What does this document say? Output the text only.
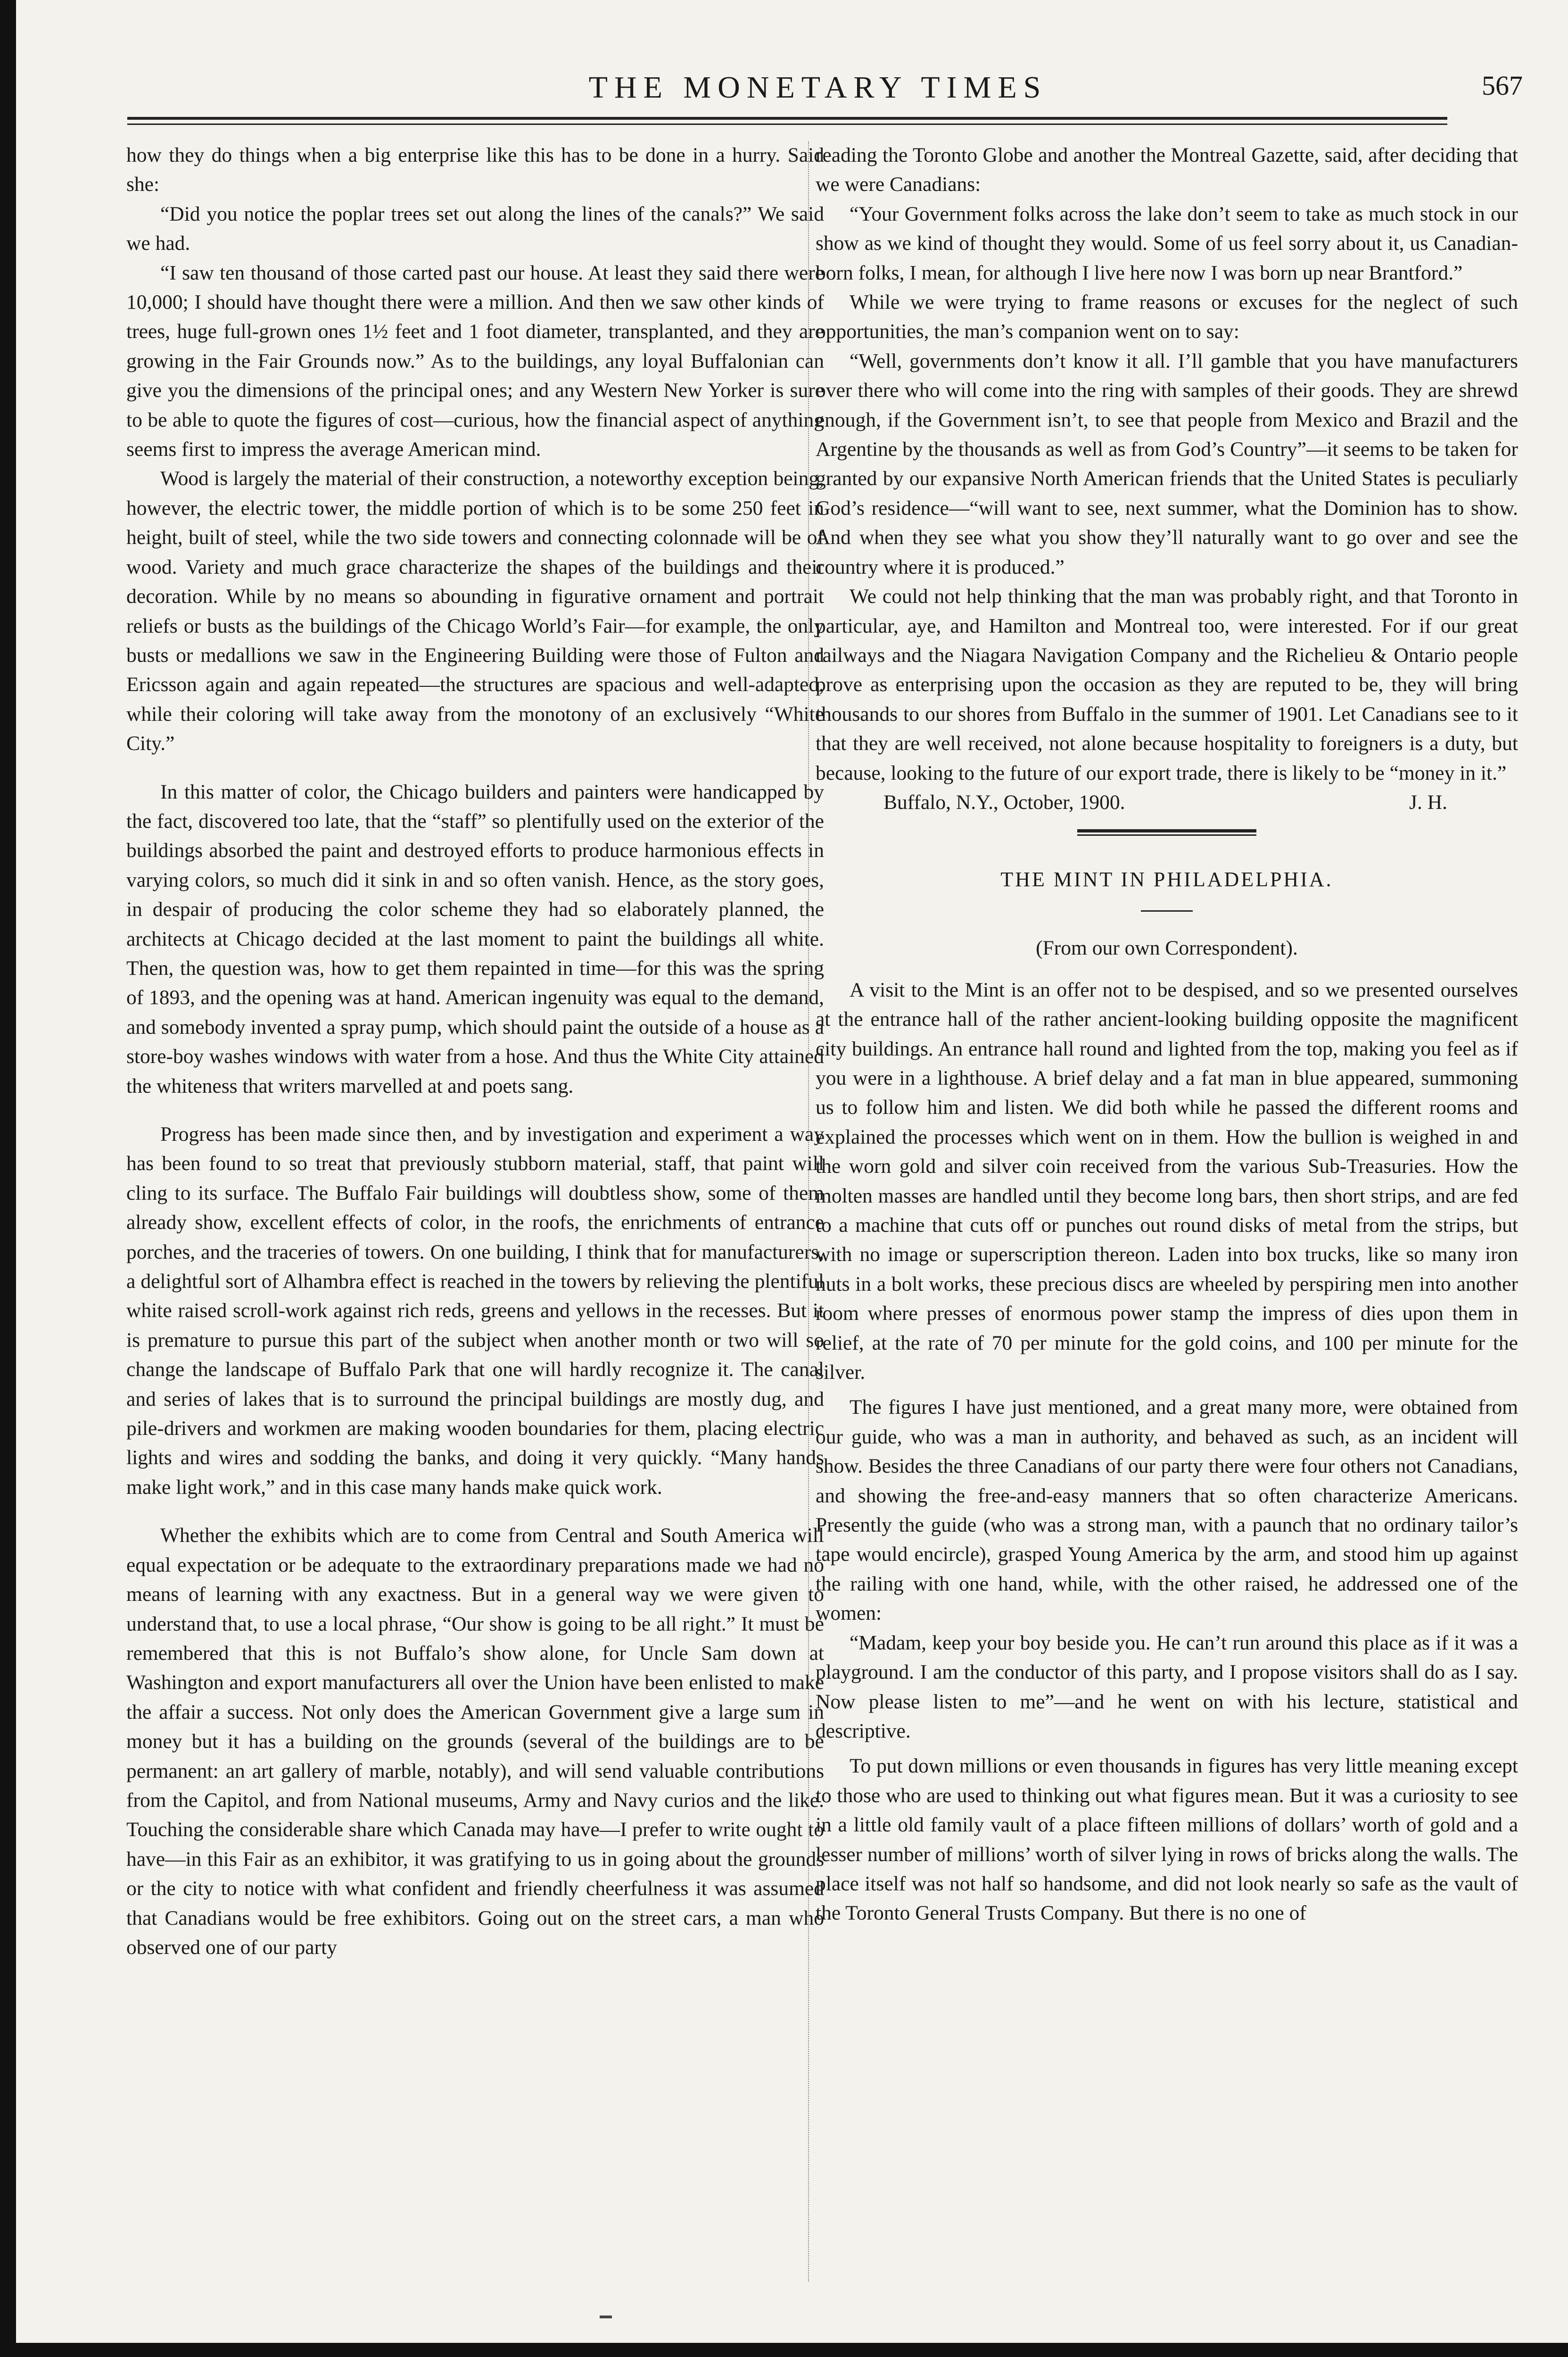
THE MONETARY TIMES	567

how they do things when a big enterprise like this has to be done in a hurry. Said she:

“Did you notice the poplar trees set out along the lines of the canals?” We said we had.

“I saw ten thousand of those carted past our house. At least they said there were 10,000; I should have thought there were a million. And then we saw other kinds of trees, huge full-grown ones 1½ feet and 1 foot diameter, transplanted, and they are growing in the Fair Grounds now.” As to the buildings, any loyal Buffalonian can give you the dimensions of the principal ones; and any Western New Yorker is sure to be able to quote the figures of cost—curious, how the financial aspect of anything seems first to impress the average American mind.

Wood is largely the material of their construction, a noteworthy exception being, however, the electric tower, the middle portion of which is to be some 250 feet in height, built of steel, while the two side towers and connecting colonnade will be of wood. Variety and much grace characterize the shapes of the buildings and their decoration. While by no means so abounding in figurative ornament and portrait reliefs or busts as the buildings of the Chicago World’s Fair—for example, the only busts or medallions we saw in the Engineering Building were those of Fulton and Ericsson again and again repeated—the structures are spacious and well-adapted, while their coloring will take away from the monotony of an exclusively “White City.”

In this matter of color, the Chicago builders and painters were handicapped by the fact, discovered too late, that the “staff” so plentifully used on the exterior of the buildings absorbed the paint and destroyed efforts to produce harmonious effects in varying colors, so much did it sink in and so often vanish. Hence, as the story goes, in despair of producing the color scheme they had so elaborately planned, the architects at Chicago decided at the last moment to paint the buildings all white. Then, the question was, how to get them repainted in time—for this was the spring of 1893, and the opening was at hand. American ingenuity was equal to the demand, and somebody invented a spray pump, which should paint the outside of a house as a store-boy washes windows with water from a hose. And thus the White City attained the whiteness that writers marvelled at and poets sang.

Progress has been made since then, and by investigation and experiment a way has been found to so treat that previously stubborn material, staff, that paint will cling to its surface. The Buffalo Fair buildings will doubtless show, some of them already show, excellent effects of color, in the roofs, the enrichments of entrance porches, and the traceries of towers. On one building, I think that for manufacturers, a delightful sort of Alhambra effect is reached in the towers by relieving the plentiful white raised scroll-work against rich reds, greens and yellows in the recesses. But it is premature to pursue this part of the subject when another month or two will so change the landscape of Buffalo Park that one will hardly recognize it. The canal and series of lakes that is to surround the principal buildings are mostly dug, and pile-drivers and workmen are making wooden boundaries for them, placing electric lights and wires and sodding the banks, and doing it very quickly. “Many hands make light work,” and in this case many hands make quick work.

Whether the exhibits which are to come from Central and South America will equal expectation or be adequate to the extraordinary preparations made we had no means of learning with any exactness. But in a general way we were given to understand that, to use a local phrase, “Our show is going to be all right.” It must be remembered that this is not Buffalo’s show alone, for Uncle Sam down at Washington and export manufacturers all over the Union have been enlisted to make the affair a success. Not only does the American Government give a large sum in money but it has a building on the grounds (several of the buildings are to be permanent: an art gallery of marble, notably), and will send valuable contributions from the Capitol, and from National museums, Army and Navy curios and the like. Touching the considerable share which Canada may have—I prefer to write ought to have—in this Fair as an exhibitor, it was gratifying to us in going about the grounds or the city to notice with what confident and friendly cheerfulness it was assumed that Canadians would be free exhibitors. Going out on the street cars, a man who observed one of our party

reading the Toronto Globe and another the Montreal Gazette, said, after deciding that we were Canadians:

“Your Government folks across the lake don’t seem to take as much stock in our show as we kind of thought they would. Some of us feel sorry about it, us Canadian-born folks, I mean, for although I live here now I was born up near Brantford.”

While we were trying to frame reasons or excuses for the neglect of such opportunities, the man’s companion went on to say:

“Well, governments don’t know it all. I’ll gamble that you have manufacturers over there who will come into the ring with samples of their goods. They are shrewd enough, if the Government isn’t, to see that people from Mexico and Brazil and the Argentine by the thousands as well as from God’s Country”—it seems to be taken for granted by our expansive North American friends that the United States is peculiarly God’s residence—“will want to see, next summer, what the Dominion has to show. And when they see what you show they’ll naturally want to go over and see the country where it is produced.”

We could not help thinking that the man was probably right, and that Toronto in particular, aye, and Hamilton and Montreal too, were interested. For if our great railways and the Niagara Navigation Company and the Richelieu & Ontario people prove as enterprising upon the occasion as they are reputed to be, they will bring thousands to our shores from Buffalo in the summer of 1901. Let Canadians see to it that they are well received, not alone because hospitality to foreigners is a duty, but because, looking to the future of our export trade, there is likely to be “money in it.”

Buffalo, N.Y., October, 1900.	J. H.
THE MINT IN PHILADELPHIA.
(From our own Correspondent).

A visit to the Mint is an offer not to be despised, and so we presented ourselves at the entrance hall of the rather ancient-looking building opposite the magnificent city buildings. An entrance hall round and lighted from the top, making you feel as if you were in a lighthouse. A brief delay and a fat man in blue appeared, summoning us to follow him and listen. We did both while he passed the different rooms and explained the processes which went on in them. How the bullion is weighed in and the worn gold and silver coin received from the various Sub-Treasuries. How the molten masses are handled until they become long bars, then short strips, and are fed to a machine that cuts off or punches out round disks of metal from the strips, but with no image or superscription thereon. Laden into box trucks, like so many iron nuts in a bolt works, these precious discs are wheeled by perspiring men into another room where presses of enormous power stamp the impress of dies upon them in relief, at the rate of 70 per minute for the gold coins, and 100 per minute for the silver.

The figures I have just mentioned, and a great many more, were obtained from our guide, who was a man in authority, and behaved as such, as an incident will show. Besides the three Canadians of our party there were four others not Canadians, and showing the free-and-easy manners that so often characterize Americans. Presently the guide (who was a strong man, with a paunch that no ordinary tailor’s tape would encircle), grasped Young America by the arm, and stood him up against the railing with one hand, while, with the other raised, he addressed one of the women:

“Madam, keep your boy beside you. He can’t run around this place as if it was a playground. I am the conductor of this party, and I propose visitors shall do as I say. Now please listen to me”—and he went on with his lecture, statistical and descriptive.

To put down millions or even thousands in figures has very little meaning except to those who are used to thinking out what figures mean. But it was a curiosity to see in a little old family vault of a place fifteen millions of dollars’ worth of gold and a lesser number of millions’ worth of silver lying in rows of bricks along the walls. The place itself was not half so handsome, and did not look nearly so safe as the vault of the Toronto General Trusts Company. But there is no one of
